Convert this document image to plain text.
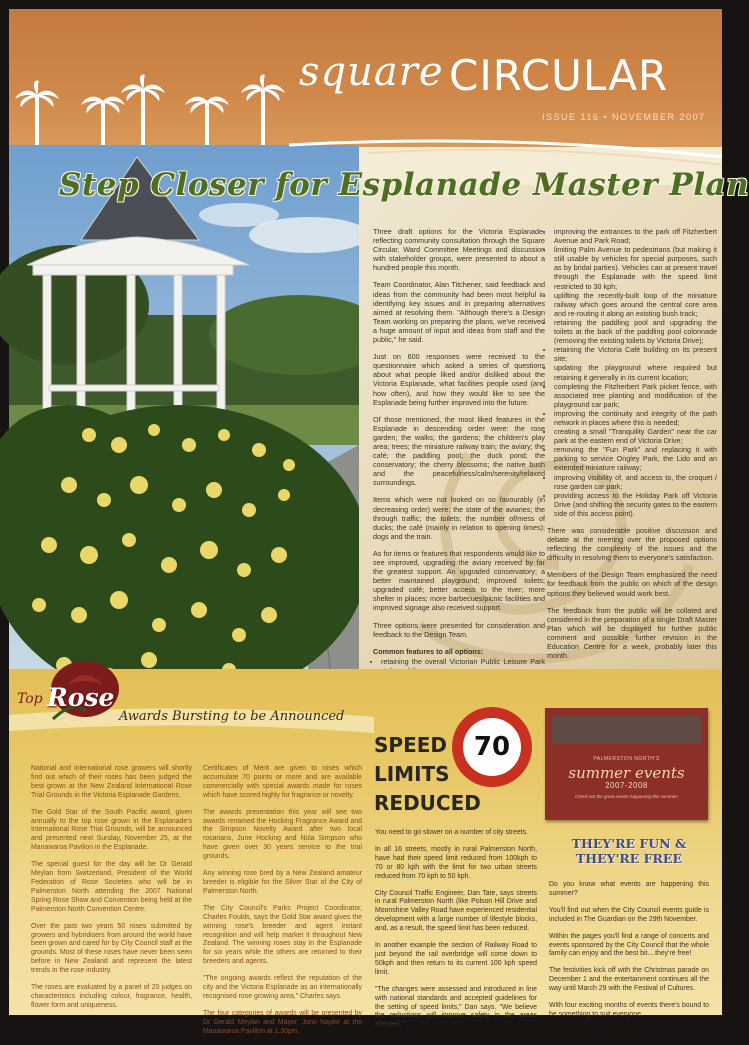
square CIRCULAR
ISSUE 116 • NOVEMBER 2007
Step Closer for Esplanade Master Plan

Three draft options for the Victoria Esplanade, reflecting community consultation through the Square Circular, Ward Committee Meetings and discussion with stakeholder groups, were presented to about a hundred people this month.

Team Coordinator, Alan Titchener, said feedback and ideas from the community had been most helpful in identifying key issues and in preparing alternatives aimed at resolving them. "Although there's a Design Team working on preparing the plans, we've received a huge amount of input and ideas from staff and the public," he said.

Just on 600 responses were received to the questionnaire which asked a series of questions about what people liked and/or disliked about the Victoria Esplanade, what facilities people used (and how often), and how they would like to see the Esplanade being further improved into the future.

Of those mentioned, the most liked features in the Esplanade in descending order were: the rose garden; the walks; the gardens; the children's play area; trees; the miniature railway train; the aviary; the café; the paddling pool; the duck pond; the conservatory; the cherry blossoms; the native bush and the peacefulness/calm/serenity/relaxed surroundings.

Items which were not looked on so favourably (in decreasing order) were: the state of the aviaries; the through traffic; the toilets; the number of/mess of ducks; the café (mainly in relation to opening times); dogs and the train.

As for items or features that respondents would like to see improved, upgrading the aviary received by far the greatest support. An upgraded conservatory; a better maintained playground; improved toilets; upgraded café; better access to the river; more shelter in places; more barbecues/picnic facilities and improved signage also received support.

Three options were presented for consideration and feedback to the Design Team.

Common features to all options:
• retaining the overall Victorian Public Leisure Park
•
•
• improving the entrances to the park off Fitzherbert Avenue and Park Road;
• limiting Palm Avenue to pedestrians (but making it still usable by vehicles for special purposes, such as by bridal parties). Vehicles can at present travel through the Esplanade with the speed limit restricted to 30 kph;
• uplifting the recently-built loop of the miniature railway which goes around the central core area and re-routing it along an existing bush track;
• retaining the paddling pool and upgrading the toilets at the back of the paddling pool colonnade (removing the existing toilets by Victoria Drive);
• retaining the Victoria Café building on its present site;
• updating the playground where required but retaining it generally in its current location;
• completing the Fitzherbert Park picket fence, with associated tree planting and modification of the playground car park;
• improving the continuity and integrity of the path network in places where this is needed;
• creating a small "Tranquility Garden" near the car park at the eastern end of Victoria Drive;
• removing the "Fun Park" and replacing it with parking to service Ongley Park, the Lido and an extended miniature railway;
• improving visibility of, and access to, the croquet / rose garden car park;
• providing access to the Holiday Park off Victoria Drive (and shifting the security gates to the eastern side of this access point).

There was considerable positive discussion and debate at the meeting over the proposed options reflecting the complexity of the issues and the difficulty in resolving them to everyone's satisfaction.

Members of the Design Team emphasized the need for feedback from the public on which of the design options they believed would work best.

The feedback from the public will be collated and considered in the preparation of a single Draft Master Plan which will be displayed for further public comment and possible further revision in the Education Centre for a week, probably later this month.

Top Rose
Awards Bursting to be Announced

National and international rose growers will shortly find out which of their roses has been judged the best grown at the New Zealand International Rose Trial Grounds in the Victoria Esplanade Gardens.

The Gold Star of the South Pacific award, given annually to the top rose grown in the Esplanade's International Rose Trial Grounds, will be announced and presented next Sunday, November 25, at the Manawaroa Pavilion in the Esplanade.

The special guest for the day will be Dr Gerald Meylan from Switzerland, President of the World Federation of Rose Societies who will be in Palmerston North attending the 2007 National Spring Rose Show and Convention being held at the Palmerston North Convention Centre.

Over the past two years 50 roses submitted by growers and hybridisers from around the world have been grown and cared for by City Council staff at the grounds. Most of these roses have never been seen before in New Zealand and represent the latest trends in the rose industry.

The roses are evaluated by a panel of 20 judges on characteristics including colour, fragrance, health, flower form and uniqueness.

Certificates of Merit are given to roses which accumulate 70 points or more and are available commercially with special awards made for roses which have scored highly for fragrance or novelty.

The awards presentation this year will see two awards renamed the Hocking Fragrance Award and the Simpson Novelty Award after two local rosarians, June Hocking and Nola Simpson who have given over 30 years service to the trial grounds.

Any winning rose bred by a New Zealand amateur breeder is eligible for the Silver Star of the City of Palmerston North.

The City Council's Parks Project Coordinator, Charles Foulds, says the Gold Star award gives the winning rose's breeder and agent instant recognition and will help market it throughout New Zealand. The winning roses stay in the Esplanade for six years while the others are returned to their breeders and agents.

"The ongoing awards reflect the reputation of the city and the Victoria Esplanade as an internationally recognised rose growing area," Charles says.

The four categories of awards will be presented by Dr Gerald Meylan and Mayor, Jono Naylor at the Manawaroa Pavilion at 1.30pm.

You need to go slower on a number of city streets.

In all 16 streets, mostly in rural Palmerston North, have had their speed limit reduced from 100kph to 70 or 80 kph with the limit for two urban streets reduced from 70 kph to 50 kph.

City Council Traffic Engineer, Dan Tate, says streets in rural Palmerston North (like Polson Hill Drive and Moonshine Valley Road have experienced residential development with a large number of lifestyle blocks, and, as a result, the speed limit has been reduced.

In another example the section of Railway Road to just beyond the rail overbridge will come down to 50kph and then return to its current 100 kph speed limit.

"The changes were assessed and introduced in line with national standards and accepted guidelines for the setting of speed limits," Dan says. "We believe the reductions will improve safety in the areas affected."

Do you know what events are happening this summer?

You'll find out when the City Council events guide is included in The Guardian on the 29th November.

Within the pages you'll find a range of concerts and events sponsored by the City Council that the whole family can enjoy and the best bit....they're free!

The festivities kick off with the Christmas parade on December 1 and the entertainment continues all the way until March 29 with the Festival of Cultures.

With four exciting months of events there's bound to be something to suit everyone.

SPEED
LIMITS
REDUCED
70	PALMERSTON NORTH'S
summer events
2007-2008
Check out the great events happening this summer!
THEY'RE FUN &
THEY'RE FREE
